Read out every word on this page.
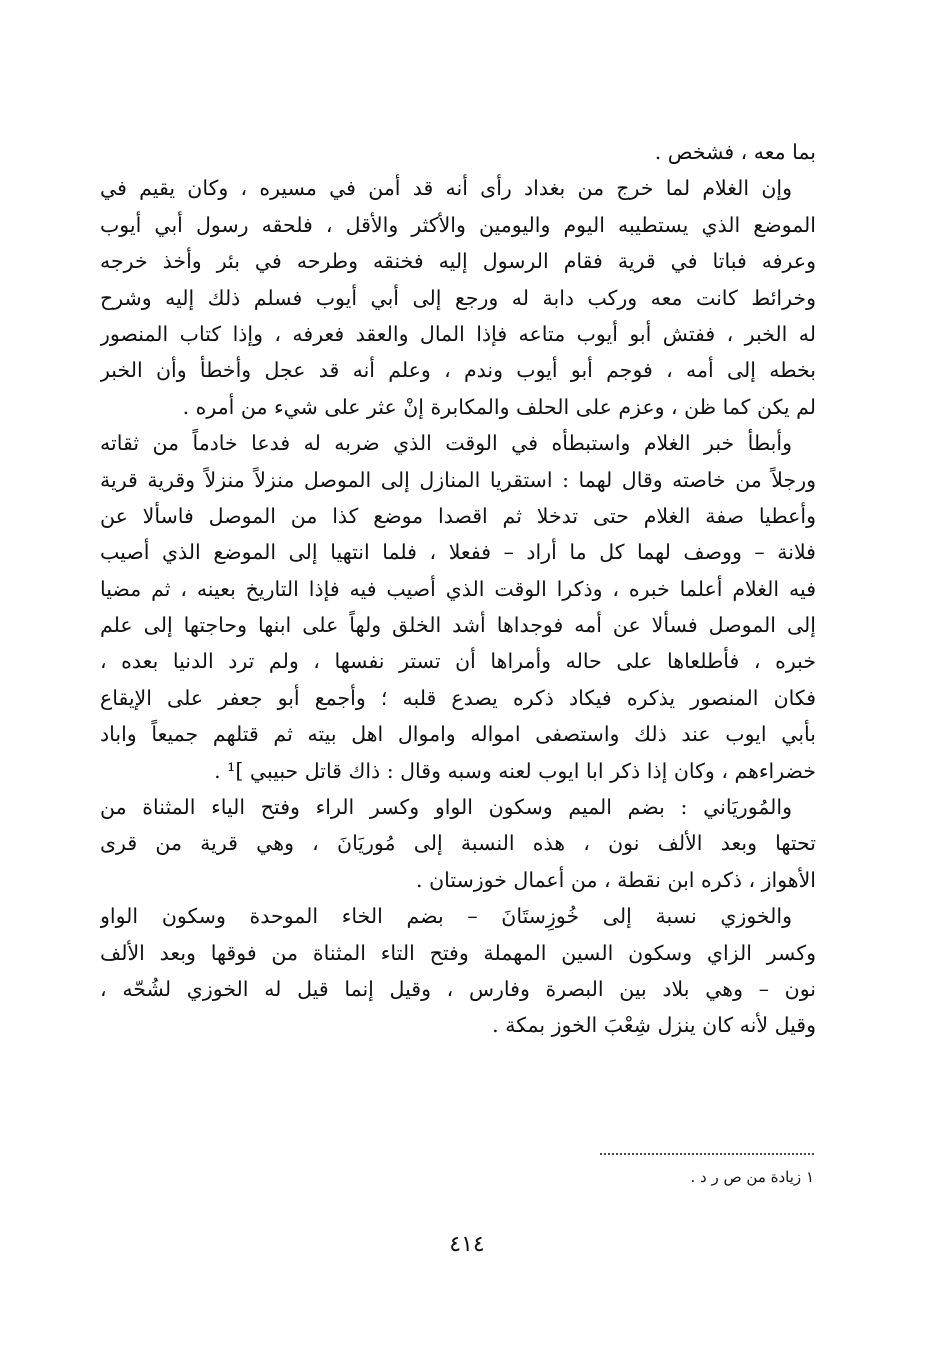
بما معه ، فشخص .
وإن الغلام لما خرج من بغداد رأى أنه قد أمن في مسيره ، وكان يقيم في
الموضع الذي يستطيبه اليوم واليومين والأكثر والأقل ، فلحقه رسول أبي أيوب
وعرفه فباتا في قرية فقام الرسول إليه فخنقه وطرحه في بئر وأخذ خرجه
وخرائط كانت معه وركب دابة له ورجع إلى أبي أيوب فسلم ذلك إليه وشرح
له الخبر ، ففتش أبو أيوب متاعه فإذا المال والعقد فعرفه ، وإذا كتاب المنصور
بخطه إلى أمه ، فوجم أبو أيوب وندم ، وعلم أنه قد عجل وأخطأ وأن الخبر
لم يكن كما ظن ، وعزم على الحلف والمكابرة إنْ عثر على شيء من أمره .
وأبطأ خبر الغلام واستبطأه في الوقت الذي ضربه له فدعا خادماً من ثقاته
ورجلاً من خاصته وقال لهما : استقريا المنازل إلى الموصل منزلاً منزلاً وقرية قرية
وأعطيا صفة الغلام حتى تدخلا ثم اقصدا موضع كذا من الموصل فاسألا عن
فلانة – ووصف لهما كل ما أراد – ففعلا ، فلما انتهيا إلى الموضع الذي أصيب
فيه الغلام أعلما خبره ، وذكرا الوقت الذي أصيب فيه فإذا التاريخ بعينه ، ثم مضيا
إلى الموصل فسألا عن أمه فوجداها أشد الخلق ولهاً على ابنها وحاجتها إلى علم
خبره ، فأطلعاها على حاله وأمراها أن تستر نفسها ، ولم ترد الدنيا بعده ،
فكان المنصور يذكره فيكاد ذكره يصدع قلبه ؛ وأجمع أبو جعفر على الإيقاع
بأبي ايوب عند ذلك واستصفى امواله واموال اهل بيته ثم قتلهم جميعاً واباد
خضراءهم ، وكان إذا ذكر ابا ايوب لعنه وسبه وقال : ذاك قاتل حبيبي ]¹ .
والمُوريَاني : بضم الميم وسكون الواو وكسر الراء وفتح الياء المثناة من
تحتها وبعد الألف نون ، هذه النسبة إلى مُوريَانَ ، وهي قرية من قرى
الأهواز ، ذكره ابن نقطة ، من أعمال خوزستان .
والخوزي نسبة إلى خُوزِستَانَ – بضم الخاء الموحدة وسكون الواو
وكسر الزاي وسكون السين المهملة وفتح التاء المثناة من فوقها وبعد الألف
نون – وهي بلاد بين البصرة وفارس ، وقيل إنما قيل له الخوزي لشُحّه ،
وقيل لأنه كان ينزل شِعْبَ الخوز بمكة .
١ زيادة من ص ر د .
٤١٤
